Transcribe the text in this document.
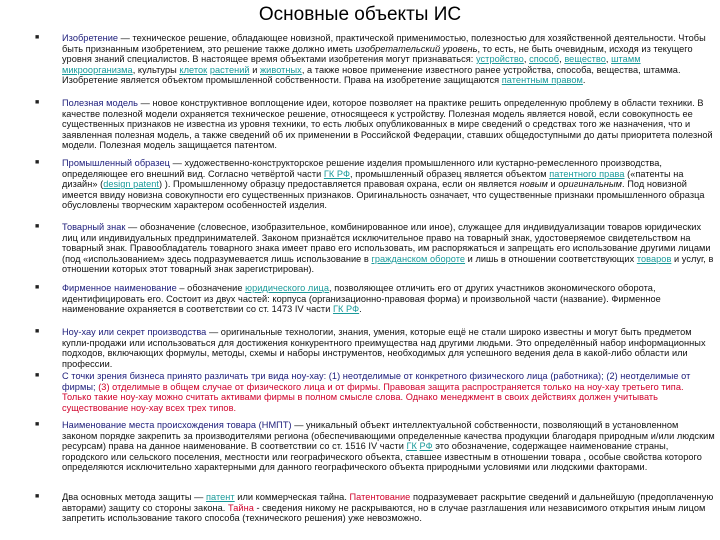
Основные объекты ИС
■ Изобретение — техническое решение, обладающее новизной, практической применимостью, полезностью для хозяйственной деятельности. Чтобы быть признанным изобретением, это решение также должно иметь изобретательский уровень, то есть, не быть очевидным, исходя из текущего уровня знаний специалистов. В настоящее время объектами изобретения могут признаваться: устройство, способ, вещество, штамм микроорганизма, культуры клеток растений и животных, а также новое применение известного ранее устройства, способа, вещества, штамма. Изобретение является объектом промышленной собственности. Права на изобретение защищаются патентным правом.
■ Полезная модель — новое конструктивное воплощение идеи, которое позволяет на практике решить определенную проблему в области техники. В качестве полезной модели охраняется техническое решение, относящееся к устройству. Полезная модель является новой, если совокупность ее существенных признаков не известна из уровня техники, то есть любых опубликованных в мире сведений о средствах того же назначения, что и заявленная полезная модель, а также сведений об их применении в Российской Федерации, ставших общедоступными до даты приоритета полезной модели. Полезная модель защищается патентом.
■ Промышленный образец — художественно-конструкторское решение изделия промышленного или кустарно-ремесленного производства, определяющее его внешний вид. Согласно четвёртой части ГК РФ, промышленный образец является объектом патентного права («патенты на дизайн» (design patent) ). Промышленному образцу предоставляется правовая охрана, если он является новым и оригинальным. Под новизной имеется ввиду новизна совокупности его существенных признаков. Оригинальность означает, что существенные признаки промышленного образца обусловлены творческим характером особенностей изделия.
■ Товарный знак — обозначение (словесное, изобразительное, комбинированное или иное), служащее для индивидуализации товаров юридических лиц или индивидуальных предпринимателей. Законом признаётся исключительное право на товарный знак, удостоверяемое свидетельством на товарный знак. Правообладатель товарного знака имеет право его использовать, им распоряжаться и запрещать его использование другими лицами (под «использованием» здесь подразумевается лишь использование в гражданском обороте и лишь в отношении соответствующих товаров и услуг, в отношении которых этот товарный знак зарегистрирован).
■ Фирменное наименование – обозначение юридического лица, позволяющее отличить его от других участников экономического оборота, идентифицировать его. Состоит из двух частей: корпуса (организационно-правовая форма) и произвольной части (название). Фирменное наименование охраняется в соответствии со ст. 1473 IV части ГК РФ.
■ Ноу-хау или секрет производства — оригинальные технологии, знания, умения, которые ещё не стали широко известны и могут быть предметом купли-продажи или использоваться для достижения конкурентного преимущества над другими людьми. Это определённый набор информационных подходов, включающих формулы, методы, схемы и наборы инструментов, необходимых для успешного ведения дела в какой-либо области или профессии.
■ С точки зрения бизнеса принято различать три вида ноу-хау: (1) неотделимые от конкретного физического лица (работника); (2) неотделимые от фирмы; (3) отделимые в общем случае от физического лица и от фирмы. Правовая защита распространяется только на ноу-хау третьего типа. Только такие ноу-хау можно считать активами фирмы в полном смысле слова. Однако менеджмент в своих действиях должен учитывать существование ноу-хау всех трех типов.
■ Наименование места происхождения товара (НМПТ) — уникальный объект интеллектуальной собственности, позволяющий в установленном законом порядке закрепить за производителями региона (обеспечивающими определенные качества продукции благодаря природным и/или людским ресурсам) права на данное наименование. В соответствии со ст. 1516 IV части ГК РФ это обозначение, содержащее наименование страны, городского или сельского поселения, местности или географического объекта, ставшее известным в отношении товара , особые свойства которого определяются исключительно характерными для данного географического объекта природными условиями или людскими факторами.
■ Два основных метода защиты — патент или коммерческая тайна. Патентование подразумевает раскрытие сведений и дальнейшую (предоплаченную авторами) защиту со стороны закона. Тайна - сведения никому не раскрываются, но в случае разглашения или независимого открытия иным лицом запретить использование такого способа (технического решения) уже невозможно.
